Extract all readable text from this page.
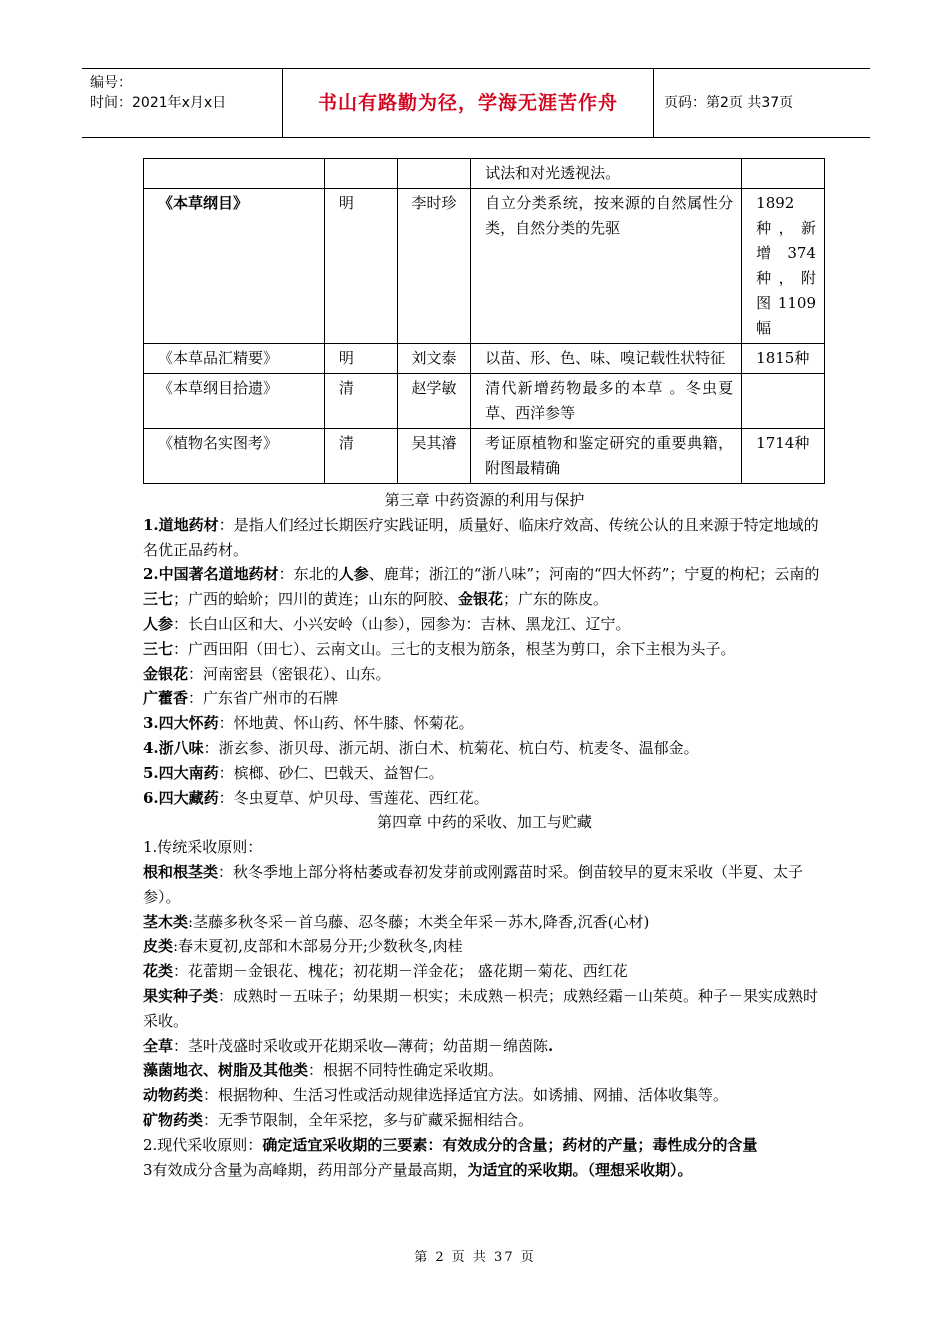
编号：
时间：2021年x月x日	书山有路勤为径，学海无涯苦作舟	页码：第2页 共37页
			试法和对光透视法。	
《本草纲目》	明	李时珍	自立分类系统，按来源的自然属性分类，自然分类的先驱	1892种，新增374种，附图1109幅
《本草品汇精要》	明	刘文泰	以苗、形、色、味、嗅记载性状特征	1815种
《本草纲目拾遗》	清	赵学敏	清代新增药物最多的本草 。冬虫夏草、西洋参等	
《植物名实图考》	清	吴其濬	考证原植物和鉴定研究的重要典籍，附图最精确	1714种

第三章 中药资源的利用与保护

1.道地药材：是指人们经过长期医疗实践证明，质量好、临床疗效高、传统公认的且来源于特定地域的名优正品药材。

2.中国著名道地药材：东北的人参、鹿茸；浙江的“浙八味”；河南的“四大怀药”；宁夏的枸杞；云南的三七；广西的蛤蚧；四川的黄连；山东的阿胶、金银花；广东的陈皮。

人参：长白山区和大、小兴安岭（山参），园参为：吉林、黑龙江、辽宁。

三七：广西田阳（田七）、云南文山。三七的支根为筋条，根茎为剪口，余下主根为头子。

金银花：河南密县（密银花）、山东。

广藿香：广东省广州市的石牌

3.四大怀药：怀地黄、怀山药、怀牛膝、怀菊花。

4.浙八味：浙玄参、浙贝母、浙元胡、浙白术、杭菊花、杭白芍、杭麦冬、温郁金。

5.四大南药：槟榔、砂仁、巴戟天、益智仁。

6.四大藏药：冬虫夏草、炉贝母、雪莲花、西红花。

第四章 中药的采收、加工与贮藏

1.传统采收原则：

根和根茎类：秋冬季地上部分将枯萎或春初发芽前或刚露苗时采。倒苗较早的夏末采收（半夏、太子参）。

茎木类:茎藤多秋冬采－首乌藤、忍冬藤；木类全年采－苏木,降香,沉香(心材)

皮类:春末夏初,皮部和木部易分开;少数秋冬,肉桂

花类：花蕾期－金银花、槐花；初花期－洋金花； 盛花期－菊花、西红花

果实种子类：成熟时－五味子；幼果期－枳实；未成熟－枳壳；成熟经霜－山茱萸。种子－果实成熟时采收。

全草：茎叶茂盛时采收或开花期采收—薄荷；幼苗期－绵茵陈.

藻菌地衣、树脂及其他类：根据不同特性确定采收期。

动物药类：根据物种、生活习性或活动规律选择适宜方法。如诱捕、网捕、活体收集等。

矿物药类：无季节限制，全年采挖，多与矿藏采掘相结合。

2.现代采收原则：确定适宜采收期的三要素：有效成分的含量；药材的产量；毒性成分的含量

3有效成分含量为高峰期，药用部分产量最高期，为适宜的采收期。（理想采收期）。

第 2 页 共 37 页
